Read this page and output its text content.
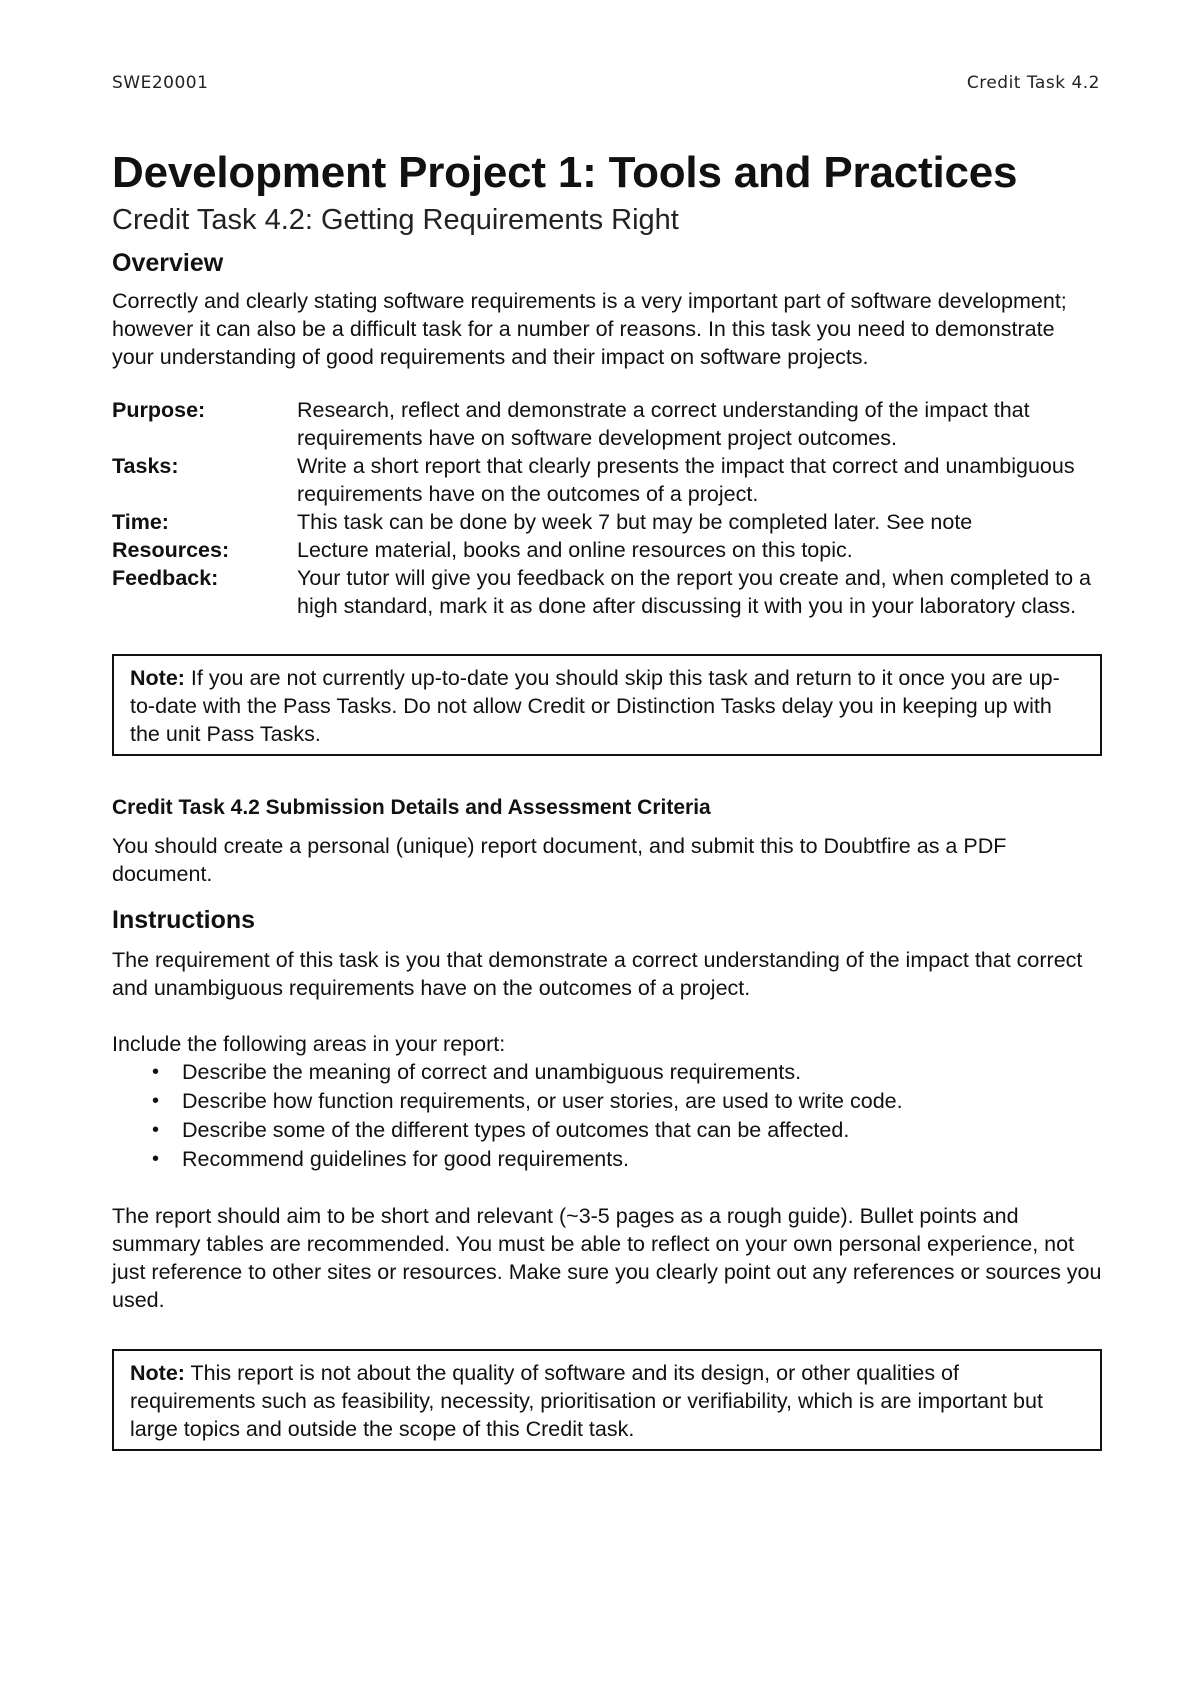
SWE20001	Credit Task 4.2
Development Project 1: Tools and Practices
Credit Task 4.2: Getting Requirements Right
Overview

Correctly and clearly stating software requirements is a very important part of software development; however it can also be a difficult task for a number of reasons. In this task you need to demonstrate your understanding of good requirements and their impact on software projects.

Purpose:	Research, reflect and demonstrate a correct understanding of the impact that requirements have on software development project outcomes.
Tasks:	Write a short report that clearly presents the impact that correct and unambiguous requirements have on the outcomes of a project.
Time:	This task can be done by week 7 but may be completed later. See note
Resources:	Lecture material, books and online resources on this topic.
Feedback:	Your tutor will give you feedback on the report you create and, when completed to a high standard, mark it as done after discussing it with you in your laboratory class.
Note: If you are not currently up-to-date you should skip this task and return to it once you are up-to-date with the Pass Tasks. Do not allow Credit or Distinction Tasks delay you in keeping up with the unit Pass Tasks.
Credit Task 4.2 Submission Details and Assessment Criteria

You should create a personal (unique) report document, and submit this to Doubtfire as a PDF document.

Instructions

The requirement of this task is you that demonstrate a correct understanding of the impact that correct and unambiguous requirements have on the outcomes of a project.

Include the following areas in your report:

• Describe the meaning of correct and unambiguous requirements.
• Describe how function requirements, or user stories, are used to write code.
• Describe some of the different types of outcomes that can be affected.
• Recommend guidelines for good requirements.

The report should aim to be short and relevant (~3-5 pages as a rough guide). Bullet points and summary tables are recommended. You must be able to reflect on your own personal experience, not just reference to other sites or resources. Make sure you clearly point out any references or sources you used.

Note: This report is not about the quality of software and its design, or other qualities of requirements such as feasibility, necessity, prioritisation or verifiability, which is are important but large topics and outside the scope of this Credit task.
